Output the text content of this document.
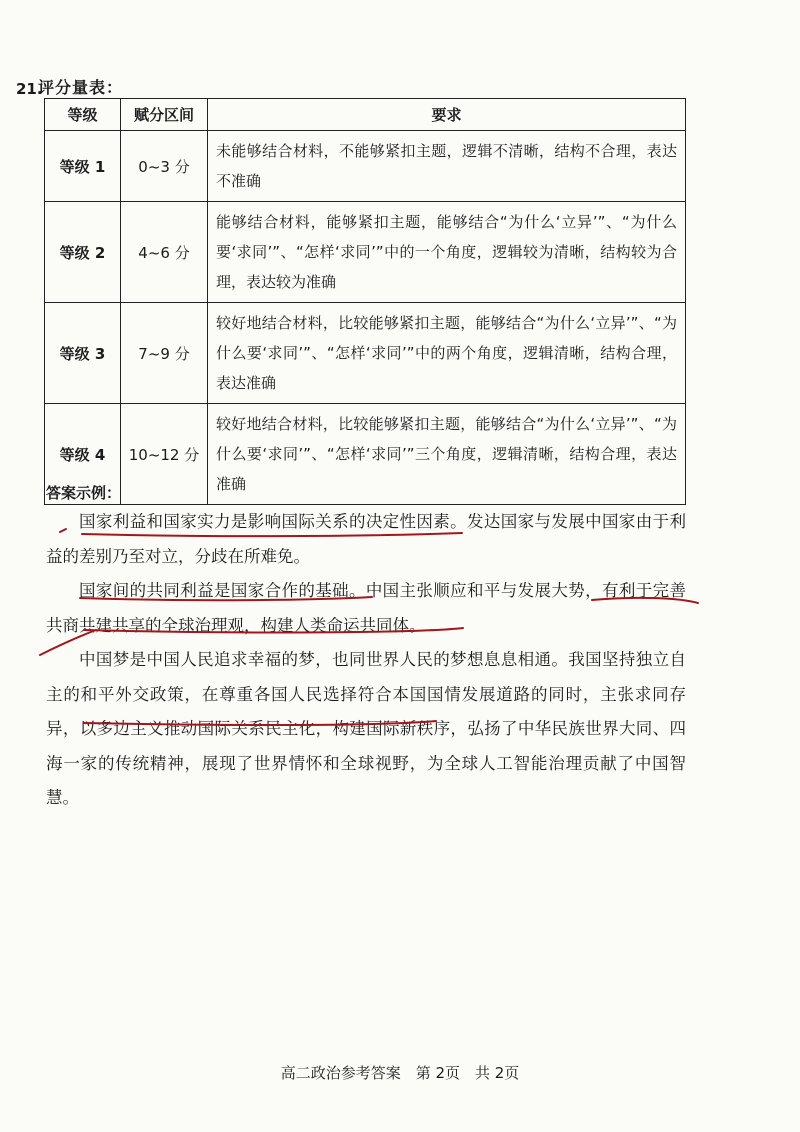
21.
评分量表：
等级	赋分区间	要求
等级 1	0~3 分	未能够结合材料，不能够紧扣主题，逻辑不清晰，结构不合理，表达不准确
等级 2	4~6 分	能够结合材料，能够紧扣主题，能够结合“为什么‘立异’”、“为什么要‘求同’”、“怎样‘求同’”中的一个角度，逻辑较为清晰，结构较为合理，表达较为准确
等级 3	7~9 分	较好地结合材料，比较能够紧扣主题，能够结合“为什么‘立异’”、“为什么要‘求同’”、“怎样‘求同’”中的两个角度，逻辑清晰，结构合理，表达准确
等级 4	10~12 分	较好地结合材料，比较能够紧扣主题，能够结合“为什么‘立异’”、“为什么要‘求同’”、“怎样‘求同’”三个角度，逻辑清晰，结构合理，表达准确
答案示例：

国家利益和国家实力是影响国际关系的决定性因素。发达国家与发展中国家由于利益的差别乃至对立，分歧在所难免。

国家间的共同利益是国家合作的基础。中国主张顺应和平与发展大势，有利于完善共商共建共享的全球治理观，构建人类命运共同体。

中国梦是中国人民追求幸福的梦，也同世界人民的梦想息息相通。我国坚持独立自主的和平外交政策，在尊重各国人民选择符合本国国情发展道路的同时，主张求同存异，以多边主义推动国际关系民主化，构建国际新秩序，弘扬了中华民族世界大同、四海一家的传统精神，展现了世界情怀和全球视野，为全球人工智能治理贡献了中国智慧。

高二政治参考答案　第 2页　共 2页
